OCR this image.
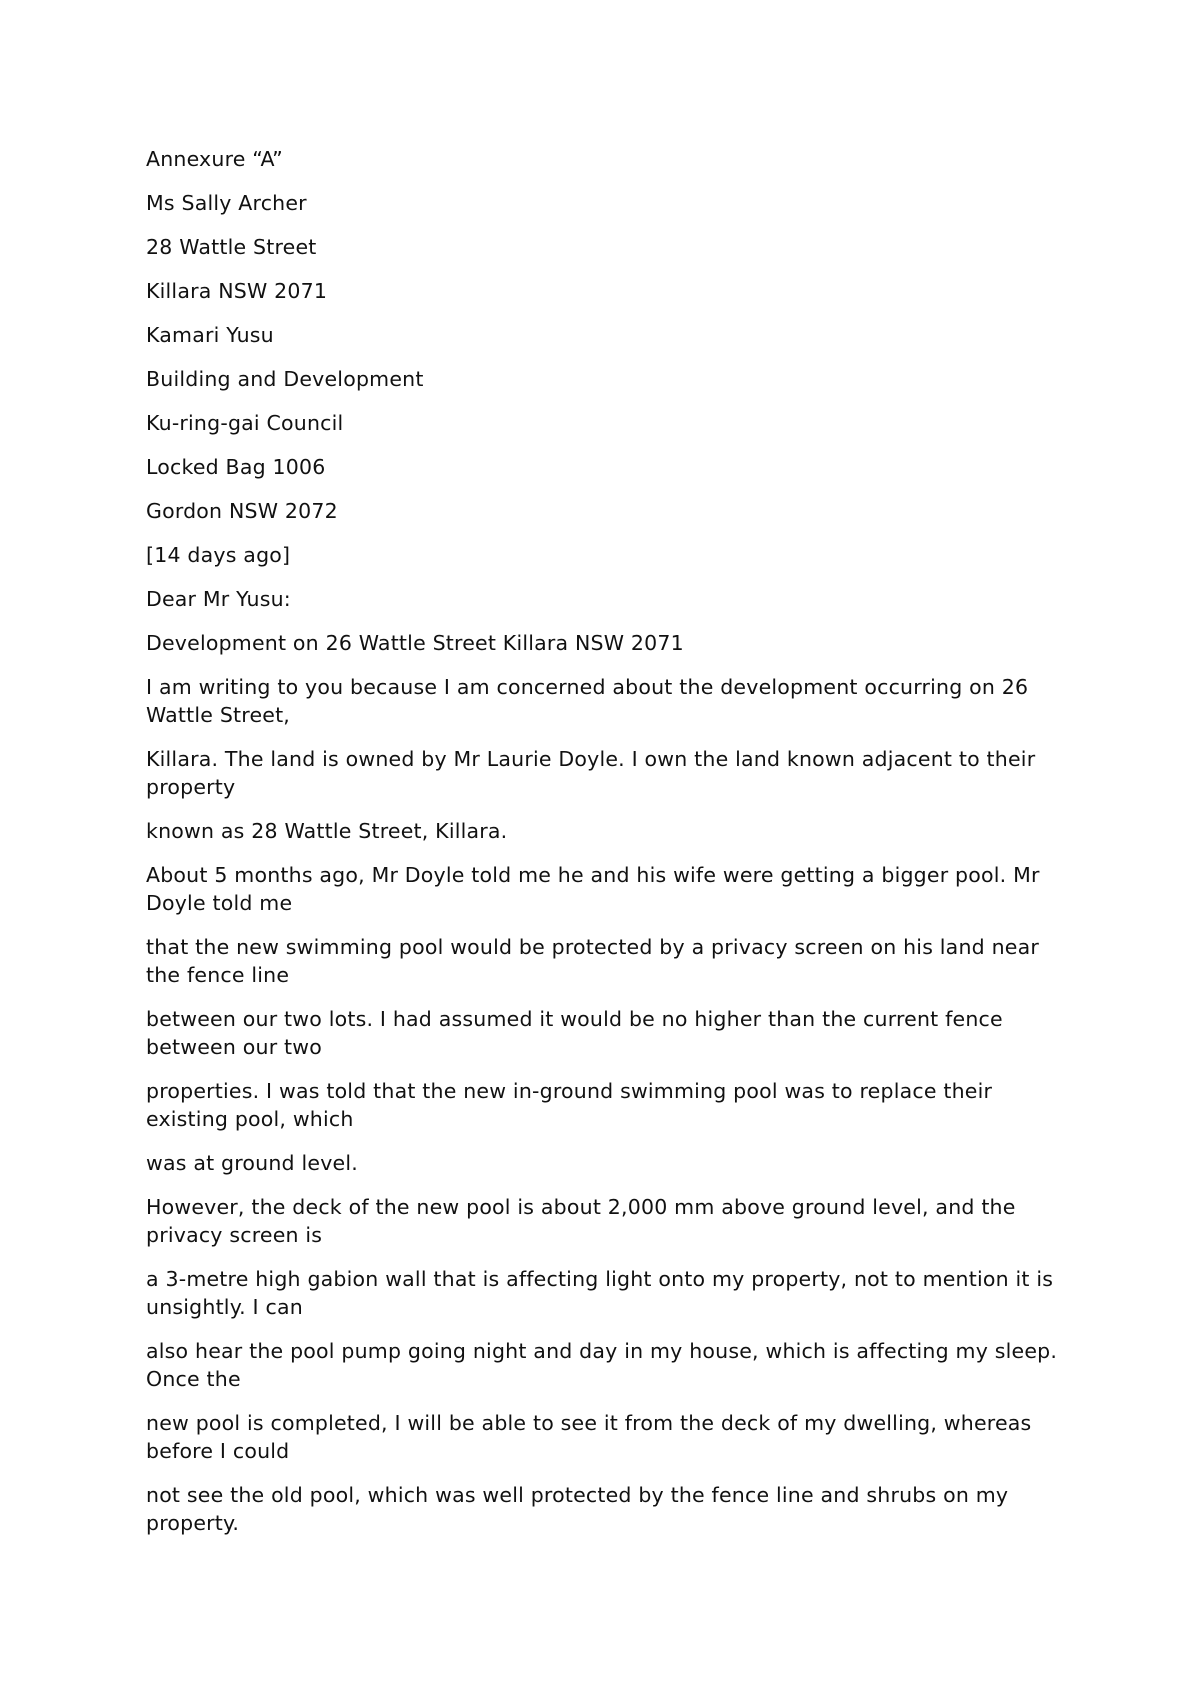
Annexure “A”

Ms Sally Archer

28 Wattle Street

Killara NSW 2071

Kamari Yusu

Building and Development

Ku-ring-gai Council

Locked Bag 1006

Gordon NSW 2072

[14 days ago]

Dear Mr Yusu:

Development on 26 Wattle Street Killara NSW 2071

I am writing to you because I am concerned about the development occurring on 26 Wattle Street,

Killara. The land is owned by Mr Laurie Doyle. I own the land known adjacent to their property

known as 28 Wattle Street, Killara.

About 5 months ago, Mr Doyle told me he and his wife were getting a bigger pool. Mr Doyle told me

that the new swimming pool would be protected by a privacy screen on his land near the fence line

between our two lots. I had assumed it would be no higher than the current fence between our two

properties. I was told that the new in-ground swimming pool was to replace their existing pool, which

was at ground level.

However, the deck of the new pool is about 2,000 mm above ground level, and the privacy screen is

a 3-metre high gabion wall that is affecting light onto my property, not to mention it is unsightly. I can

also hear the pool pump going night and day in my house, which is affecting my sleep. Once the

new pool is completed, I will be able to see it from the deck of my dwelling, whereas before I could

not see the old pool, which was well protected by the fence line and shrubs on my property.
